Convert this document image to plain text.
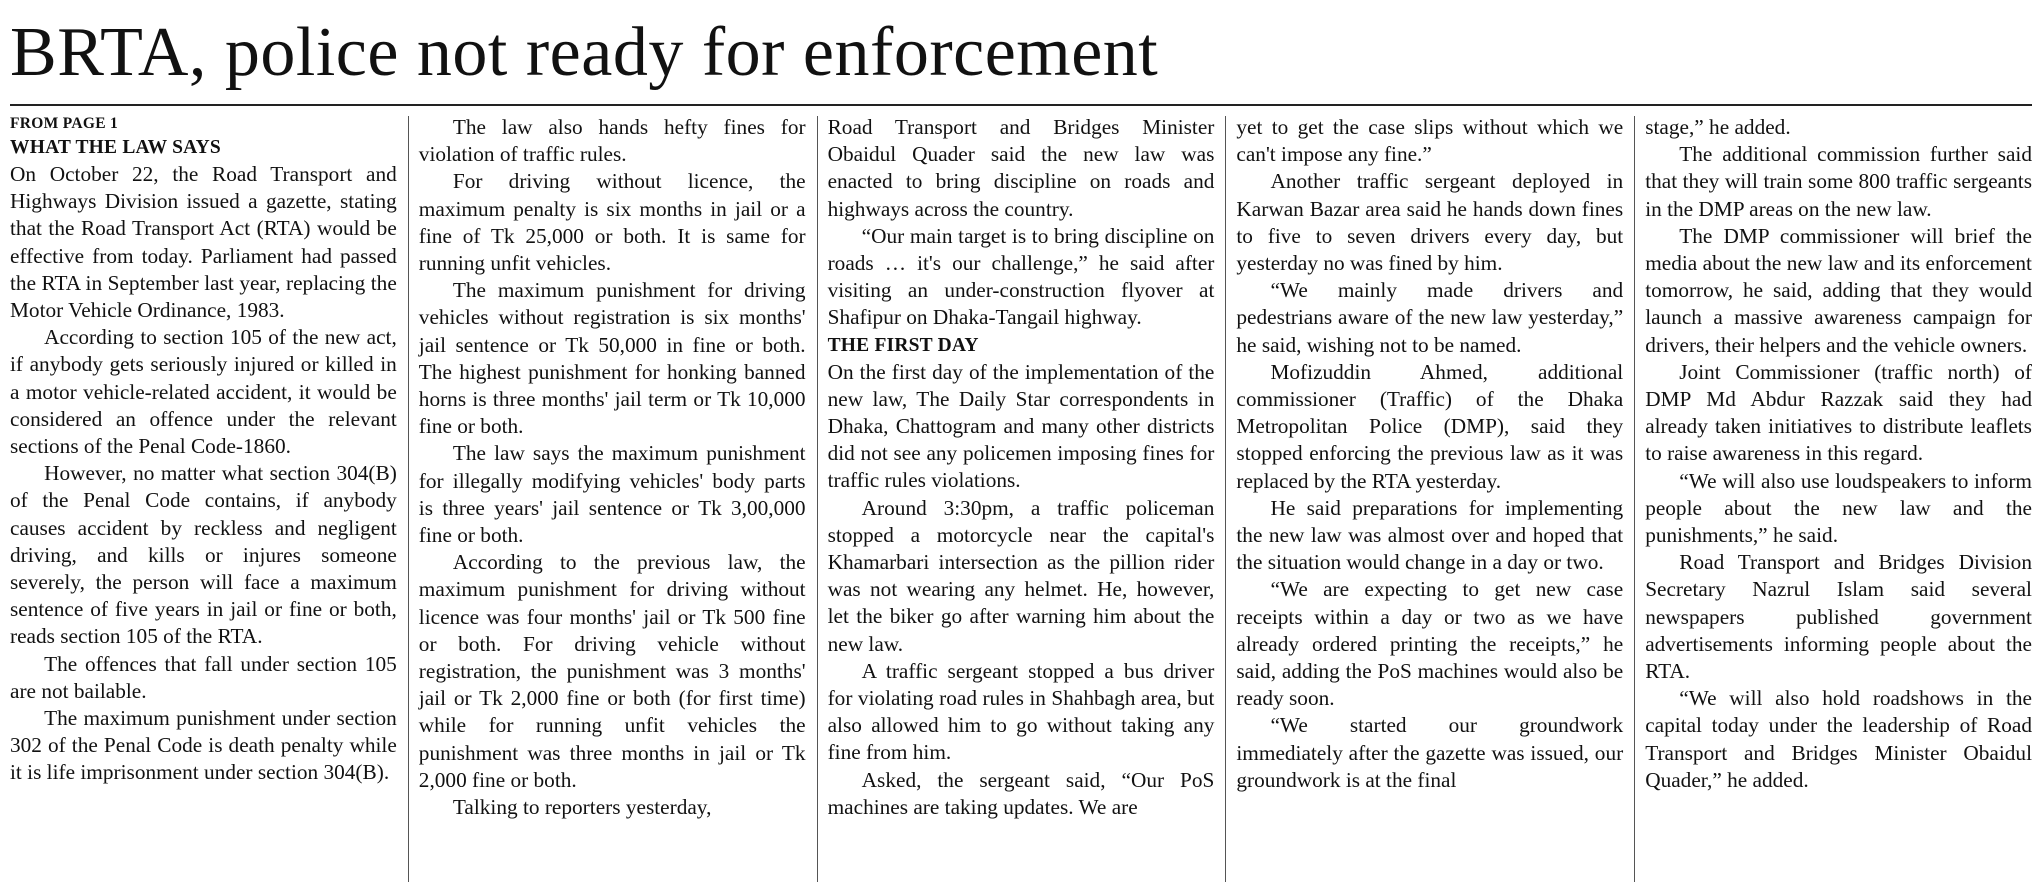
BRTA, police not ready for enforcement
FROM PAGE 1
WHAT THE LAW SAYS

On October 22, the Road Transport and Highways Division issued a gazette, stating that the Road Transport Act (RTA) would be effective from today. Parliament had passed the RTA in September last year, replacing the Motor Vehicle Ordinance, 1983.

According to section 105 of the new act, if anybody gets seriously injured or killed in a motor vehicle-related accident, it would be considered an offence under the relevant sections of the Penal Code-1860.

However, no matter what section 304(B) of the Penal Code contains, if anybody causes accident by reckless and negligent driving, and kills or injures someone severely, the person will face a maximum sentence of five years in jail or fine or both, reads section 105 of the RTA.

The offences that fall under section 105 are not bailable.

The maximum punishment under section 302 of the Penal Code is death penalty while it is life imprisonment under section 304(B).

The law also hands hefty fines for violation of traffic rules.

For driving without licence, the maximum penalty is six months in jail or a fine of Tk 25,000 or both. It is same for running unfit vehicles.

The maximum punishment for driving vehicles without registration is six months' jail sentence or Tk 50,000 in fine or both. The highest punishment for honking banned horns is three months' jail term or Tk 10,000 fine or both.

The law says the maximum punishment for illegally modifying vehicles' body parts is three years' jail sentence or Tk 3,00,000 fine or both.

According to the previous law, the maximum punishment for driving without licence was four months' jail or Tk 500 fine or both. For driving vehicle without registration, the punishment was 3 months' jail or Tk 2,000 fine or both (for first time) while for running unfit vehicles the punishment was three months in jail or Tk 2,000 fine or both.

Talking to reporters yesterday,

Road Transport and Bridges Minister Obaidul Quader said the new law was enacted to bring discipline on roads and highways across the country.

“Our main target is to bring discipline on roads … it's our challenge,” he said after visiting an under-construction flyover at Shafipur on Dhaka-Tangail highway.

THE FIRST DAY

On the first day of the implementation of the new law, The Daily Star correspondents in Dhaka, Chattogram and many other districts did not see any policemen imposing fines for traffic rules violations.

Around 3:30pm, a traffic policeman stopped a motorcycle near the capital's Khamarbari intersection as the pillion rider was not wearing any helmet. He, however, let the biker go after warning him about the new law.

A traffic sergeant stopped a bus driver for violating road rules in Shahbagh area, but also allowed him to go without taking any fine from him.

Asked, the sergeant said, “Our PoS machines are taking updates. We are

yet to get the case slips without which we can't impose any fine.”

Another traffic sergeant deployed in Karwan Bazar area said he hands down fines to five to seven drivers every day, but yesterday no was fined by him.

“We mainly made drivers and pedestrians aware of the new law yesterday,” he said, wishing not to be named.

Mofizuddin Ahmed, additional commissioner (Traffic) of the Dhaka Metropolitan Police (DMP), said they stopped enforcing the previous law as it was replaced by the RTA yesterday.

He said preparations for implementing the new law was almost over and hoped that the situation would change in a day or two.

“We are expecting to get new case receipts within a day or two as we have already ordered printing the receipts,” he said, adding the PoS machines would also be ready soon.

“We started our groundwork immediately after the gazette was issued, our groundwork is at the final

stage,” he added.

The additional commission further said that they will train some 800 traffic sergeants in the DMP areas on the new law.

The DMP commissioner will brief the media about the new law and its enforcement tomorrow, he said, adding that they would launch a massive awareness campaign for drivers, their helpers and the vehicle owners.

Joint Commissioner (traffic north) of DMP Md Abdur Razzak said they had already taken initiatives to distribute leaflets to raise awareness in this regard.

“We will also use loudspeakers to inform people about the new law and the punishments,” he said.

Road Transport and Bridges Division Secretary Nazrul Islam said several newspapers published government advertisements informing people about the RTA.

“We will also hold roadshows in the capital today under the leadership of Road Transport and Bridges Minister Obaidul Quader,” he added.
